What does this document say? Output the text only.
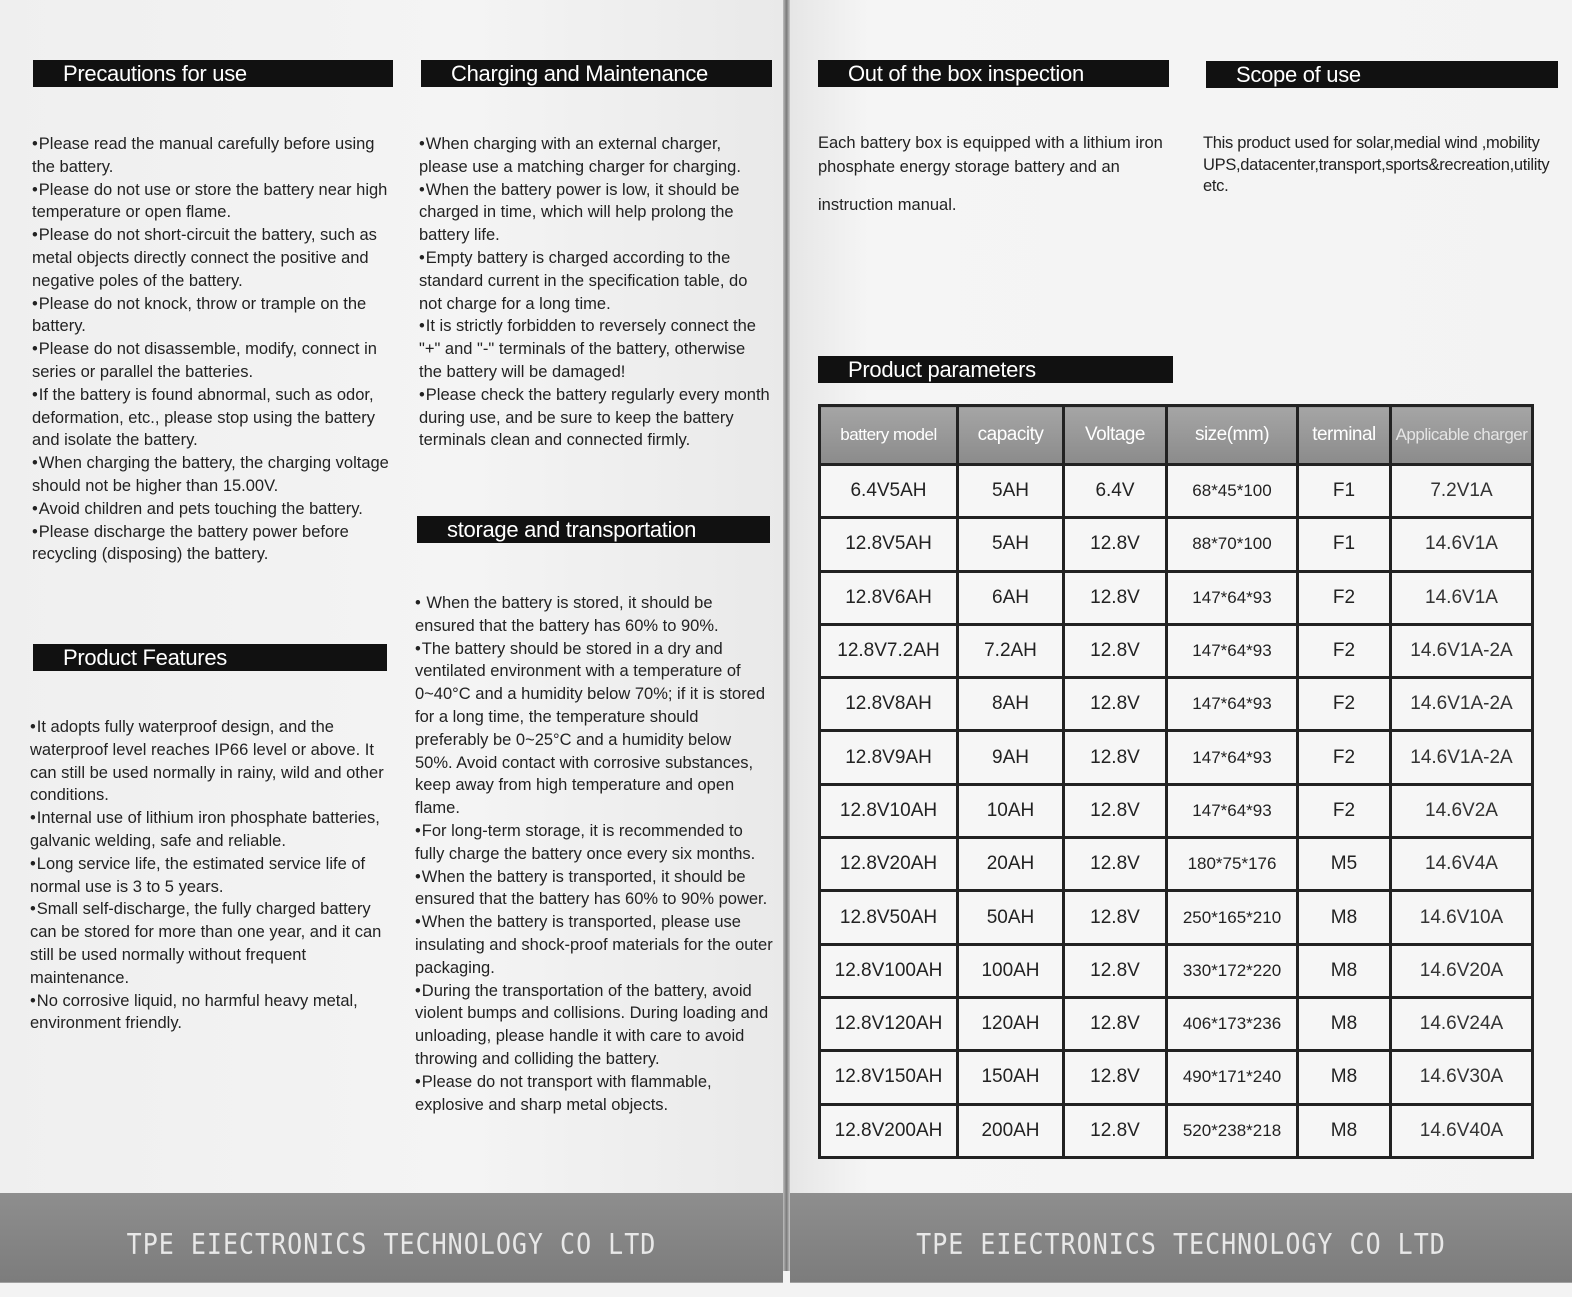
Precautions for use

• Please read the manual carefully before using the battery.

• Please do not use or store the battery near high temperature or open flame.

• Please do not short-circuit the battery, such as metal objects directly connect the positive and negative poles of the battery.

• Please do not knock, throw or trample on the battery.

• Please do not disassemble, modify, connect in series or parallel the batteries.

• If the battery is found abnormal, such as odor, deformation, etc., please stop using the battery and isolate the battery.

• When charging the battery, the charging voltage should not be higher than 15.00V.

• Avoid children and pets touching the battery.

• Please discharge the battery power before recycling (disposing) the battery.

Product Features

• It adopts fully waterproof design, and the waterproof level reaches IP66 level or above. It can still be used normally in rainy, wild and other conditions.

• Internal use of lithium iron phosphate batteries, galvanic welding, safe and reliable.

• Long service life, the estimated service life of normal use is 3 to 5 years.

• Small self-discharge, the fully charged battery can be stored for more than one year, and it can still be used normally without frequent maintenance.

• No corrosive liquid, no harmful heavy metal, environment friendly.

Charging and Maintenance

• When charging with an external charger, please use a matching charger for charging.

• When the battery power is low, it should be charged in time, which will help prolong the battery life.

• Empty battery is charged according to the standard current in the specification table, do not charge for a long time.

• It is strictly forbidden to reversely connect the "+" and "-" terminals of the battery, otherwise the battery will be damaged!

• Please check the battery regularly every month during use, and be sure to keep the battery terminals clean and connected firmly.

storage and transportation

• When the battery is stored, it should be ensured that the battery has 60% to 90%.

• The battery should be stored in a dry and ventilated environment with a temperature of 0~40°C and a humidity below 70%; if it is stored for a long time, the temperature should preferably be 0~25°C and a humidity below 50%. Avoid contact with corrosive substances, keep away from high temperature and open flame.

• For long-term storage, it is recommended to fully charge the battery once every six months.

• When the battery is transported, it should be ensured that the battery has 60% to 90% power.

• When the battery is transported, please use insulating and shock-proof materials for the outer packaging.

• During the transportation of the battery, avoid violent bumps and collisions. During loading and unloading, please handle it with care to avoid throwing and colliding the battery.

• Please do not transport with flammable, explosive and sharp metal objects.

TPE EIECTRONICS TECHNOLOGY CO LTD
Out of the box inspection

Each battery box is equipped with a lithium iron phosphate energy storage battery and an

instruction manual.

Scope of use
This product used for solar,medial wind ,mobility UPS,datacenter,transport,sports&recreation,utility etc.
Product parameters
battery model	capacity	Voltage	size(mm)	terminal	Applicable charger
6.4V5AH	5AH	6.4V	68*45*100	F1	7.2V1A
12.8V5AH	5AH	12.8V	88*70*100	F1	14.6V1A
12.8V6AH	6AH	12.8V	147*64*93	F2	14.6V1A
12.8V7.2AH	7.2AH	12.8V	147*64*93	F2	14.6V1A-2A
12.8V8AH	8AH	12.8V	147*64*93	F2	14.6V1A-2A
12.8V9AH	9AH	12.8V	147*64*93	F2	14.6V1A-2A
12.8V10AH	10AH	12.8V	147*64*93	F2	14.6V2A
12.8V20AH	20AH	12.8V	180*75*176	M5	14.6V4A
12.8V50AH	50AH	12.8V	250*165*210	M8	14.6V10A
12.8V100AH	100AH	12.8V	330*172*220	M8	14.6V20A
12.8V120AH	120AH	12.8V	406*173*236	M8	14.6V24A
12.8V150AH	150AH	12.8V	490*171*240	M8	14.6V30A
12.8V200AH	200AH	12.8V	520*238*218	M8	14.6V40A
TPE EIECTRONICS TECHNOLOGY CO LTD
